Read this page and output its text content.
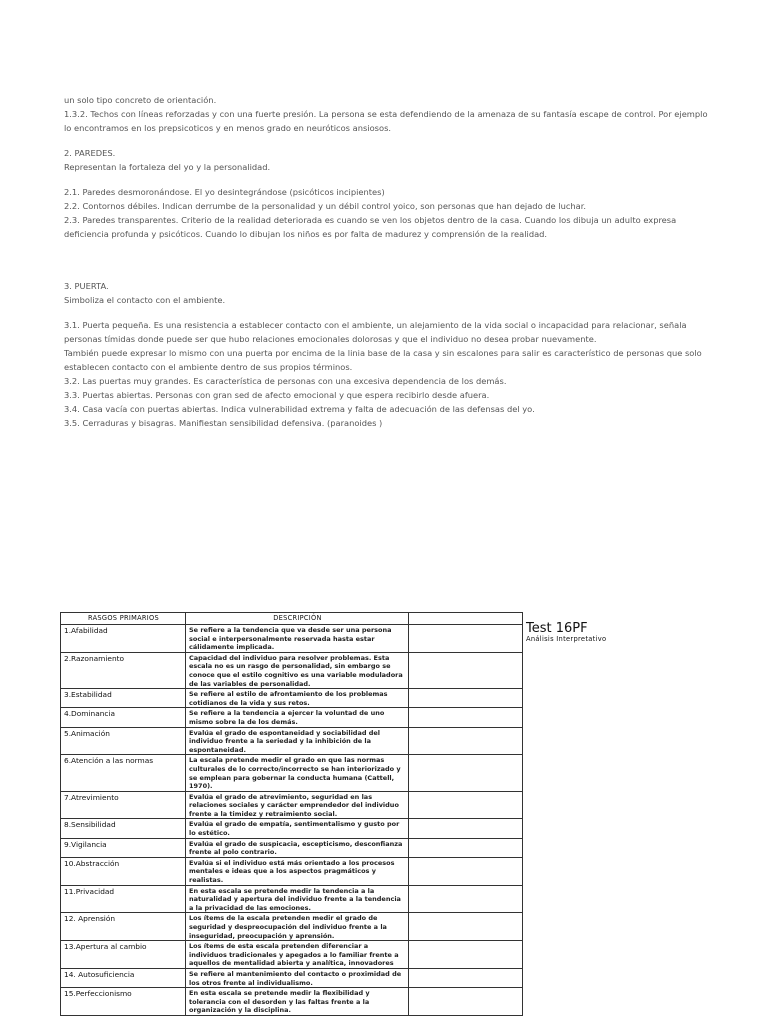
un solo tipo concreto de orientación.
1.3.2. Techos con líneas reforzadas y con una fuerte presión. La persona se esta defendiendo de la amenaza de su fantasía escape de control. Por ejemplo lo encontramos en los prepsicoticos y en menos grado en neuróticos ansiosos.
2. PAREDES.
Representan la fortaleza del yo y la personalidad.
2.1. Paredes desmoronándose. El yo desintegrándose (psicóticos incipientes)
2.2. Contornos débiles. Indican derrumbe de la personalidad y un débil control yoico, son personas que han dejado de luchar.
2.3. Paredes transparentes. Criterio de la realidad deteriorada es cuando se ven los objetos dentro de la casa. Cuando los dibuja un adulto expresa deficiencia profunda y psicóticos. Cuando lo dibujan los niños es por falta de madurez y comprensión de la realidad.
3. PUERTA.
Simboliza el contacto con el ambiente.
3.1. Puerta pequeña. Es una resistencia a establecer contacto con el ambiente, un alejamiento de la vida social o incapacidad para relacionar, señala personas tímidas donde puede ser que hubo relaciones emocionales dolorosas y que el individuo no desea probar nuevamente.
También puede expresar lo mismo con una puerta por encima de la linia base de la casa y sin escalones para salir es característico de personas que solo establecen contacto con el ambiente dentro de sus propios términos.
3.2. Las puertas muy grandes. Es característica de personas con una excesiva dependencia de los demás.
3.3. Puertas abiertas. Personas con gran sed de afecto emocional y que espera recibirlo desde afuera.
3.4. Casa vacía con puertas abiertas. Indica vulnerabilidad extrema y falta de adecuación de las defensas del yo.
3.5. Cerraduras y bisagras. Manifiestan sensibilidad defensiva. (paranoides )
RASGOS PRIMARIOS	DESCRIPCIÓN	
1.Afabilidad	Se refiere a la tendencia que va desde ser una persona social e interpersonalmente reservada hasta estar cálidamente implicada.	
2.Razonamiento	Capacidad del individuo para resolver problemas. Esta escala no es un rasgo de personalidad, sin embargo se conoce que el estilo cognitivo es una variable moduladora de las variables de personalidad.	
3.Estabilidad	Se refiere al estilo de afrontamiento de los problemas cotidianos de la vida y sus retos.	
4.Dominancia	Se refiere a la tendencia a ejercer la voluntad de uno mismo sobre la de los demás.	
5.Animación	Evalúa el grado de espontaneidad y sociabilidad del individuo frente a la seriedad y la inhibición de la espontaneidad.	
6.Atención a las normas	La escala pretende medir el grado en que las normas culturales de lo correcto/incorrecto se han interiorizado y se emplean para gobernar la conducta humana (Cattell, 1970).	
7.Atrevimiento	Evalúa el grado de atrevimiento, seguridad en las relaciones sociales y carácter emprendedor del individuo frente a la timidez y retraimiento social.	
8.Sensibilidad	Evalúa el grado de empatía, sentimentalismo y gusto por lo estético.	
9.Vigilancia	Evalúa el grado de suspicacia, escepticismo, desconfianza frente al polo contrario.	
10.Abstracción	Evalúa si el individuo está más orientado a los procesos mentales e ideas que a los aspectos pragmáticos y realistas.	
11.Privacidad	En esta escala se pretende medir la tendencia a la naturalidad y apertura del individuo frente a la tendencia a la privacidad de las emociones.	
12. Aprensión	Los ítems de la escala pretenden medir el grado de seguridad y despreocupación del individuo frente a la inseguridad, preocupación y aprensión.	
13.Apertura al cambio	Los ítems de esta escala pretenden diferenciar a individuos tradicionales y apegados a lo familiar frente a aquellos de mentalidad abierta y analítica, innovadores	
14. Autosuficiencia	Se refiere al mantenimiento del contacto o proximidad de los otros frente al individualismo.	
15.Perfeccionismo	En esta escala se pretende medir la flexibilidad y tolerancia con el desorden y las faltas frente a la organización y la disciplina.	
Test 16PF
Análisis Interpretativo
